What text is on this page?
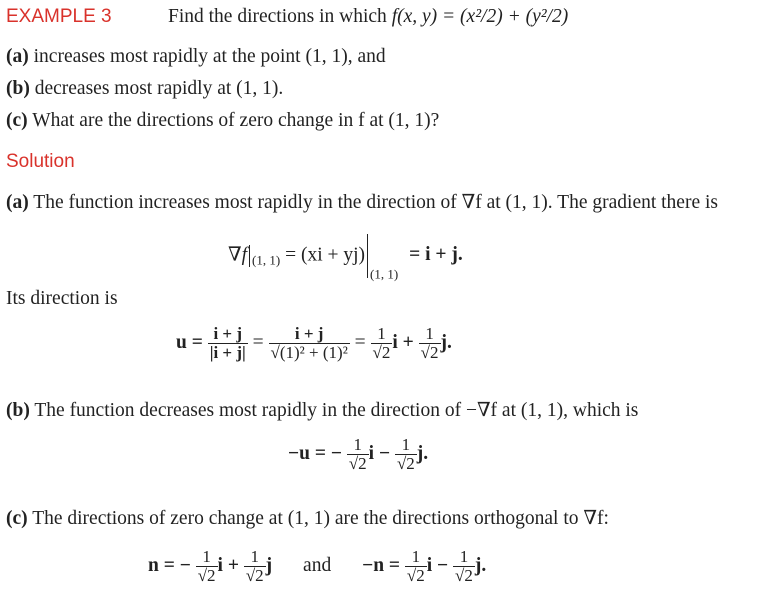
EXAMPLE 3	Find the directions in which f(x, y) = (x²/2) + (y²/2)
(a) increases most rapidly at the point (1, 1), and
(b) decreases most rapidly at (1, 1).
(c) What are the directions of zero change in f at (1, 1)?
Solution
(a) The function increases most rapidly in the direction of ∇f at (1, 1). The gradient there is
∇f $_{(1, 1)} = (xi + yj)_{(1, 1)} = i + j$.
Its direction is
$u = \frac{i + j}{|i + j|} = \frac{i + j}{\text{√(1)² + (1)²}} = \frac{1}{√2}$ $i + \frac{1}{√2} j$.
(b) The function decreases most rapidly in the direction of −∇f at (1, 1), which is
−u = − $\frac{1}{√2}$ $i - \frac{1}{√2} j$.
(c) The directions of zero change at (1, 1) are the directions orthogonal to ∇f:
n = − $\frac{1}{√2}$ $i + \frac{1}{√2}$ j and $-n = \frac{1}{√2}$ $i - \frac{1}{√2} j$.
